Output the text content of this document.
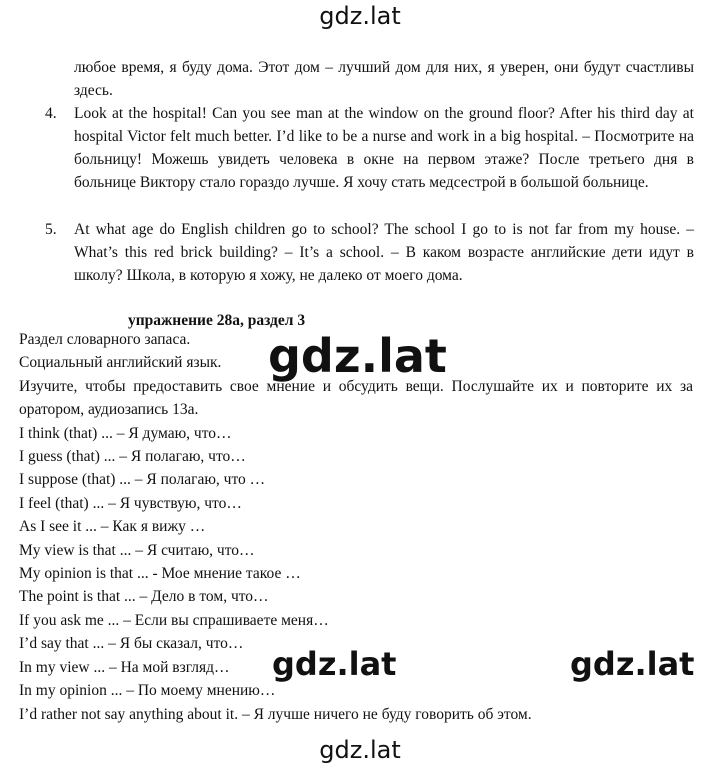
gdz.lat
любое время, я буду дома. Этот дом – лучший дом для них, я уверен, они будут счастливы здесь.
4. Look at the hospital! Can you see man at the window on the ground floor? After his third day at hospital Victor felt much better. I’d like to be a nurse and work in a big hospital. – Посмотрите на больницу! Можешь увидеть человека в окне на первом этаже? После третьего дня в больнице Виктору стало гораздо лучше. Я хочу стать медсестрой в большой больнице.
5. At what age do English children go to school? The school I go to is not far from my house. – What’s this red brick building? – It’s a school. – В каком возрасте английские дети идут в школу? Школа, в которую я хожу, не далеко от моего дома.
упражнение 28а, раздел 3
Раздел словарного запаса.
Социальный английский язык.
Изучите, чтобы предоставить свое мнение и обсудить вещи. Послушайте их и повторите их за оратором, аудиозапись 13а.
I think (that) ... – Я думаю, что…
I guess (that) ... – Я полагаю, что…
I suppose (that) ... – Я полагаю, что …
I feel (that) ... – Я чувствую, что…
As I see it ... – Как я вижу …
My view is that ... – Я считаю, что…
My opinion is that ... - Мое мнение такое …
The point is that ... – Дело в том, что…
If you ask me ... – Если вы спрашиваете меня…
I’d say that ... – Я бы сказал, что…
In my view ... – На мой взгляд…
In my opinion ... – По моему мнению…
I’d rather not say anything about it. – Я лучше ничего не буду говорить об этом.
gdz.lat
gdz.lat	gdz.lat
gdz.lat
